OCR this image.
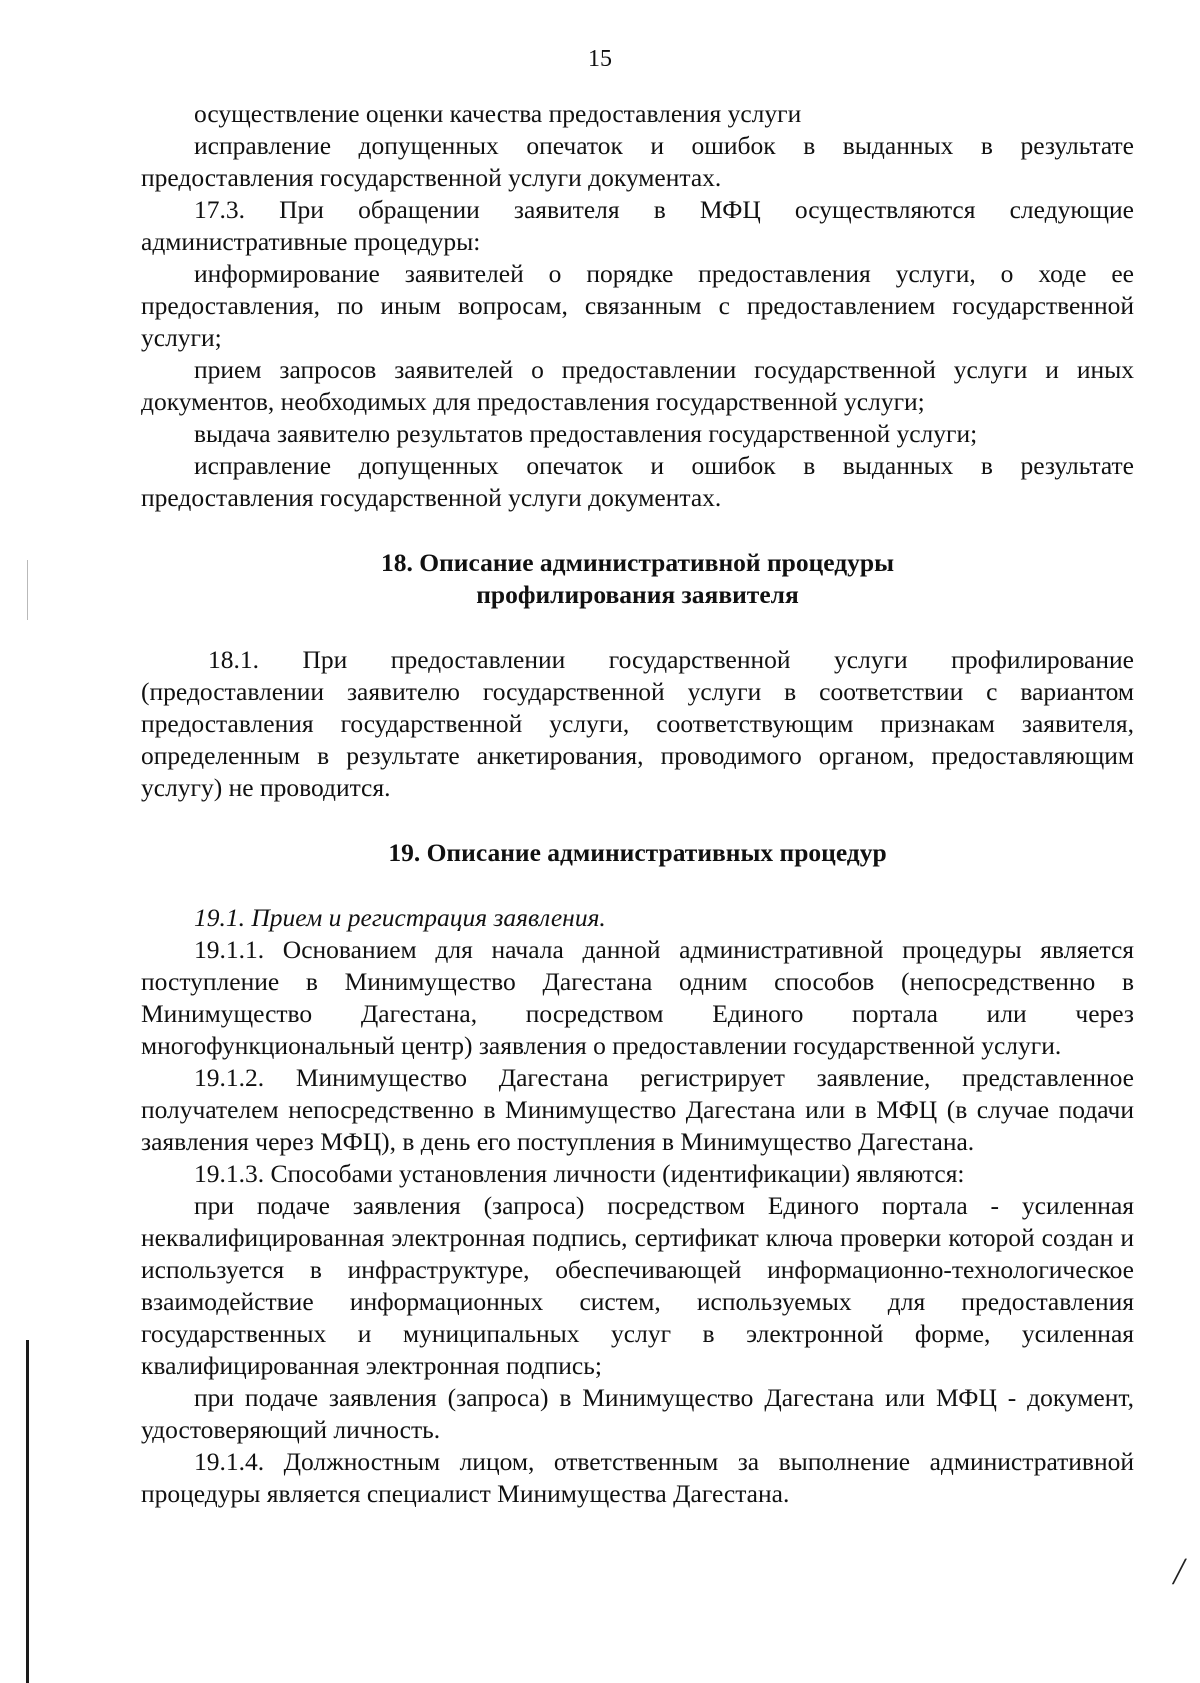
15

осуществление оценки качества предоставления услуги

исправление допущенных опечаток и ошибок в выданных в результате предоставления государственной услуги документах.

17.3. При обращении заявителя в МФЦ осуществляются следующие административные процедуры:

информирование заявителей о порядке предоставления услуги, о ходе ее предоставления, по иным вопросам, связанным с предоставлением государственной услуги;

прием запросов заявителей о предоставлении государственной услуги и иных документов, необходимых для предоставления государственной услуги;

выдача заявителю результатов предоставления государственной услуги;

исправление допущенных опечаток и ошибок в выданных в результате предоставления государственной услуги документах.

18. Описание административной процедуры

профилирования заявителя

18.1. При предоставлении государственной услуги профилирование (предоставлении заявителю государственной услуги в соответствии с вариантом предоставления государственной услуги, соответствующим признакам заявителя, определенным в результате анкетирования, проводимого органом, предоставляющим услугу) не проводится.

19. Описание административных процедур

19.1. Прием и регистрация заявления.

19.1.1. Основанием для начала данной административной процедуры является поступление в Минимущество Дагестана одним способов (непосредственно в Минимущество Дагестана, посредством Единого портала или через многофункциональный центр) заявления о предоставлении государственной услуги.

19.1.2. Минимущество Дагестана регистрирует заявление, представленное получателем непосредственно в Минимущество Дагестана или в МФЦ (в случае подачи заявления через МФЦ), в день его поступления в Минимущество Дагестана.

19.1.3. Способами установления личности (идентификации) являются:

при подаче заявления (запроса) посредством Единого портала - усиленная неквалифицированная электронная подпись, сертификат ключа проверки которой создан и используется в инфраструктуре, обеспечивающей информационно-технологическое взаимодействие информационных систем, используемых для предоставления государственных и муниципальных услуг в электронной форме, усиленная квалифицированная электронная подпись;

при подаче заявления (запроса) в Минимущество Дагестана или МФЦ - документ, удостоверяющий личность.

19.1.4. Должностным лицом, ответственным за выполнение административной процедуры является специалист Минимущества Дагестана.

╱
